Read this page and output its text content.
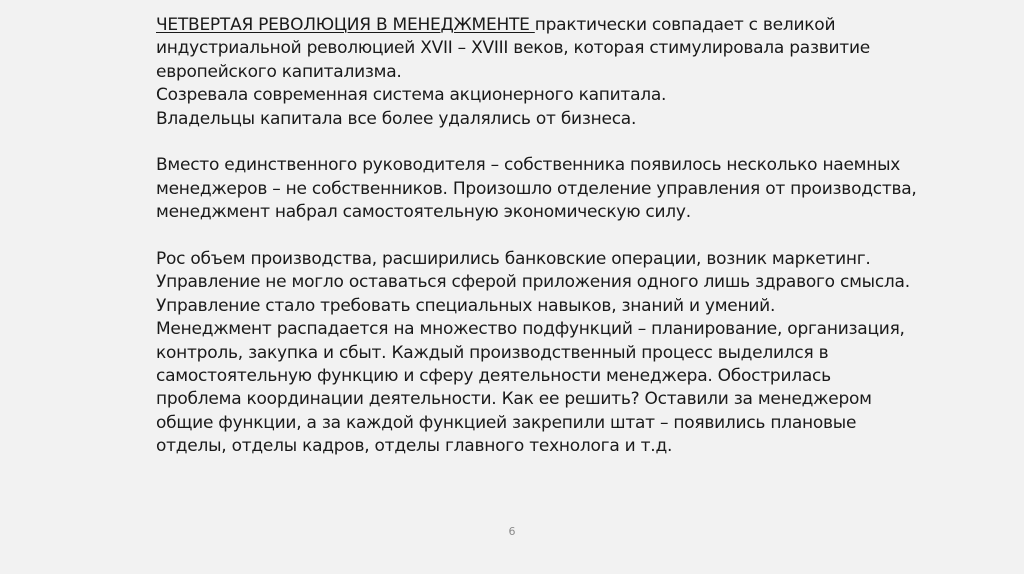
ЧЕТВЕРТАЯ РЕВОЛЮЦИЯ В МЕНЕДЖМЕНТЕ практически совпадает с великой
индустриальной революцией XVII – XVIII веков, которая стимулировала развитие
европейского капитализма.
Созревала современная система акционерного капитала.
Владельцы капитала все более удалялись от бизнеса.
Вместо единственного руководителя – собственника появилось несколько наемных
менеджеров – не собственников. Произошло отделение управления от производства,
менеджмент набрал самостоятельную экономическую силу.
Рос объем производства, расширились банковские операции, возник маркетинг.
Управление не могло оставаться сферой приложения одного лишь здравого смысла.
Управление стало требовать специальных навыков, знаний и умений.
Менеджмент распадается на множество подфункций – планирование, организация,
контроль, закупка и сбыт. Каждый производственный процесс выделился в
самостоятельную функцию и сферу деятельности менеджера. Обострилась
проблема координации деятельности. Как ее решить? Оставили за менеджером
общие функции, а за каждой функцией закрепили штат – появились плановые
отделы, отделы кадров, отделы главного технолога и т.д.
6
